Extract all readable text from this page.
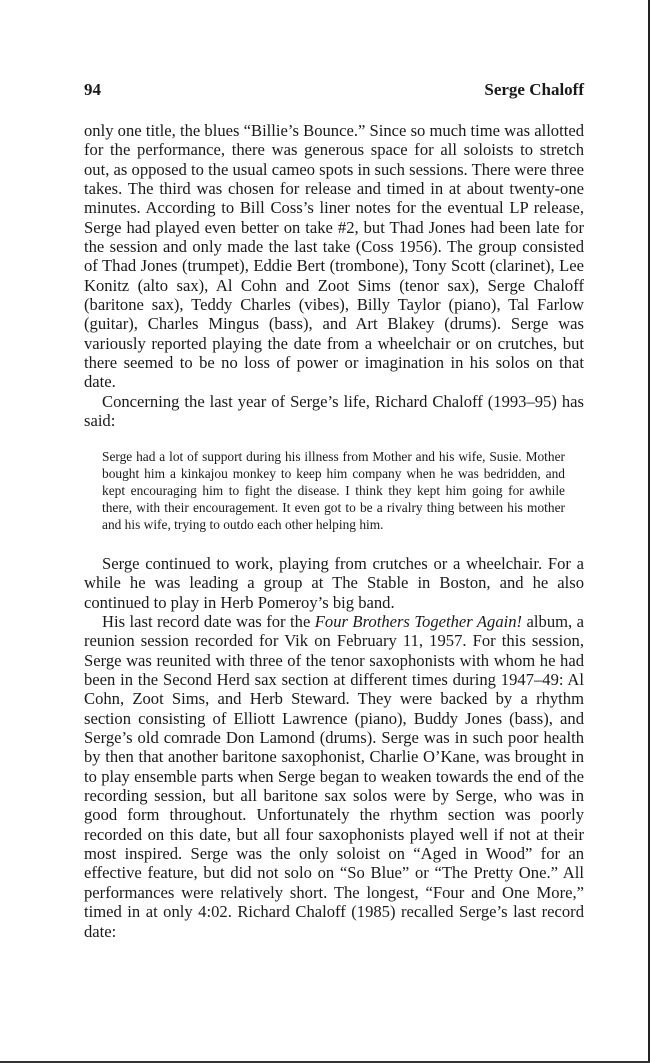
94	Serge Chaloff

only one title, the blues “Billie’s Bounce.” Since so much time was allotted for the performance, there was generous space for all soloists to stretch out, as opposed to the usual cameo spots in such sessions. There were three takes. The third was chosen for release and timed in at about twenty-one minutes. According to Bill Coss’s liner notes for the eventual LP release, Serge had played even better on take #2, but Thad Jones had been late for the session and only made the last take (Coss 1956). The group consisted of Thad Jones (trumpet), Eddie Bert (trombone), Tony Scott (clarinet), Lee Konitz (alto sax), Al Cohn and Zoot Sims (tenor sax), Serge Chaloff (baritone sax), Teddy Charles (vibes), Billy Taylor (piano), Tal Farlow (guitar), Charles Mingus (bass), and Art Blakey (drums). Serge was variously reported playing the date from a wheelchair or on crutches, but there seemed to be no loss of power or imagination in his solos on that date.

Concerning the last year of Serge’s life, Richard Chaloff (1993–95) has said:

Serge had a lot of support during his illness from Mother and his wife, Susie. Mother bought him a kinkajou monkey to keep him company when he was bedridden, and kept encouraging him to fight the disease. I think they kept him going for awhile there, with their encouragement. It even got to be a rivalry thing between his mother and his wife, trying to outdo each other helping him.

Serge continued to work, playing from crutches or a wheelchair. For a while he was leading a group at The Stable in Boston, and he also continued to play in Herb Pomeroy’s big band.

His last record date was for the Four Brothers Together Again! album, a reunion session recorded for Vik on February 11, 1957. For this session, Serge was reunited with three of the tenor saxophonists with whom he had been in the Second Herd sax section at different times during 1947–49: Al Cohn, Zoot Sims, and Herb Steward. They were backed by a rhythm section consisting of Elliott Lawrence (piano), Buddy Jones (bass), and Serge’s old comrade Don Lamond (drums). Serge was in such poor health by then that another baritone saxophonist, Charlie O’Kane, was brought in to play ensemble parts when Serge began to weaken towards the end of the recording session, but all baritone sax solos were by Serge, who was in good form throughout. Unfortunately the rhythm section was poorly recorded on this date, but all four saxophonists played well if not at their most inspired. Serge was the only soloist on “Aged in Wood” for an effective feature, but did not solo on “So Blue” or “The Pretty One.” All performances were relatively short. The longest, “Four and One More,” timed in at only 4:02. Richard Chaloff (1985) recalled Serge’s last record date:
